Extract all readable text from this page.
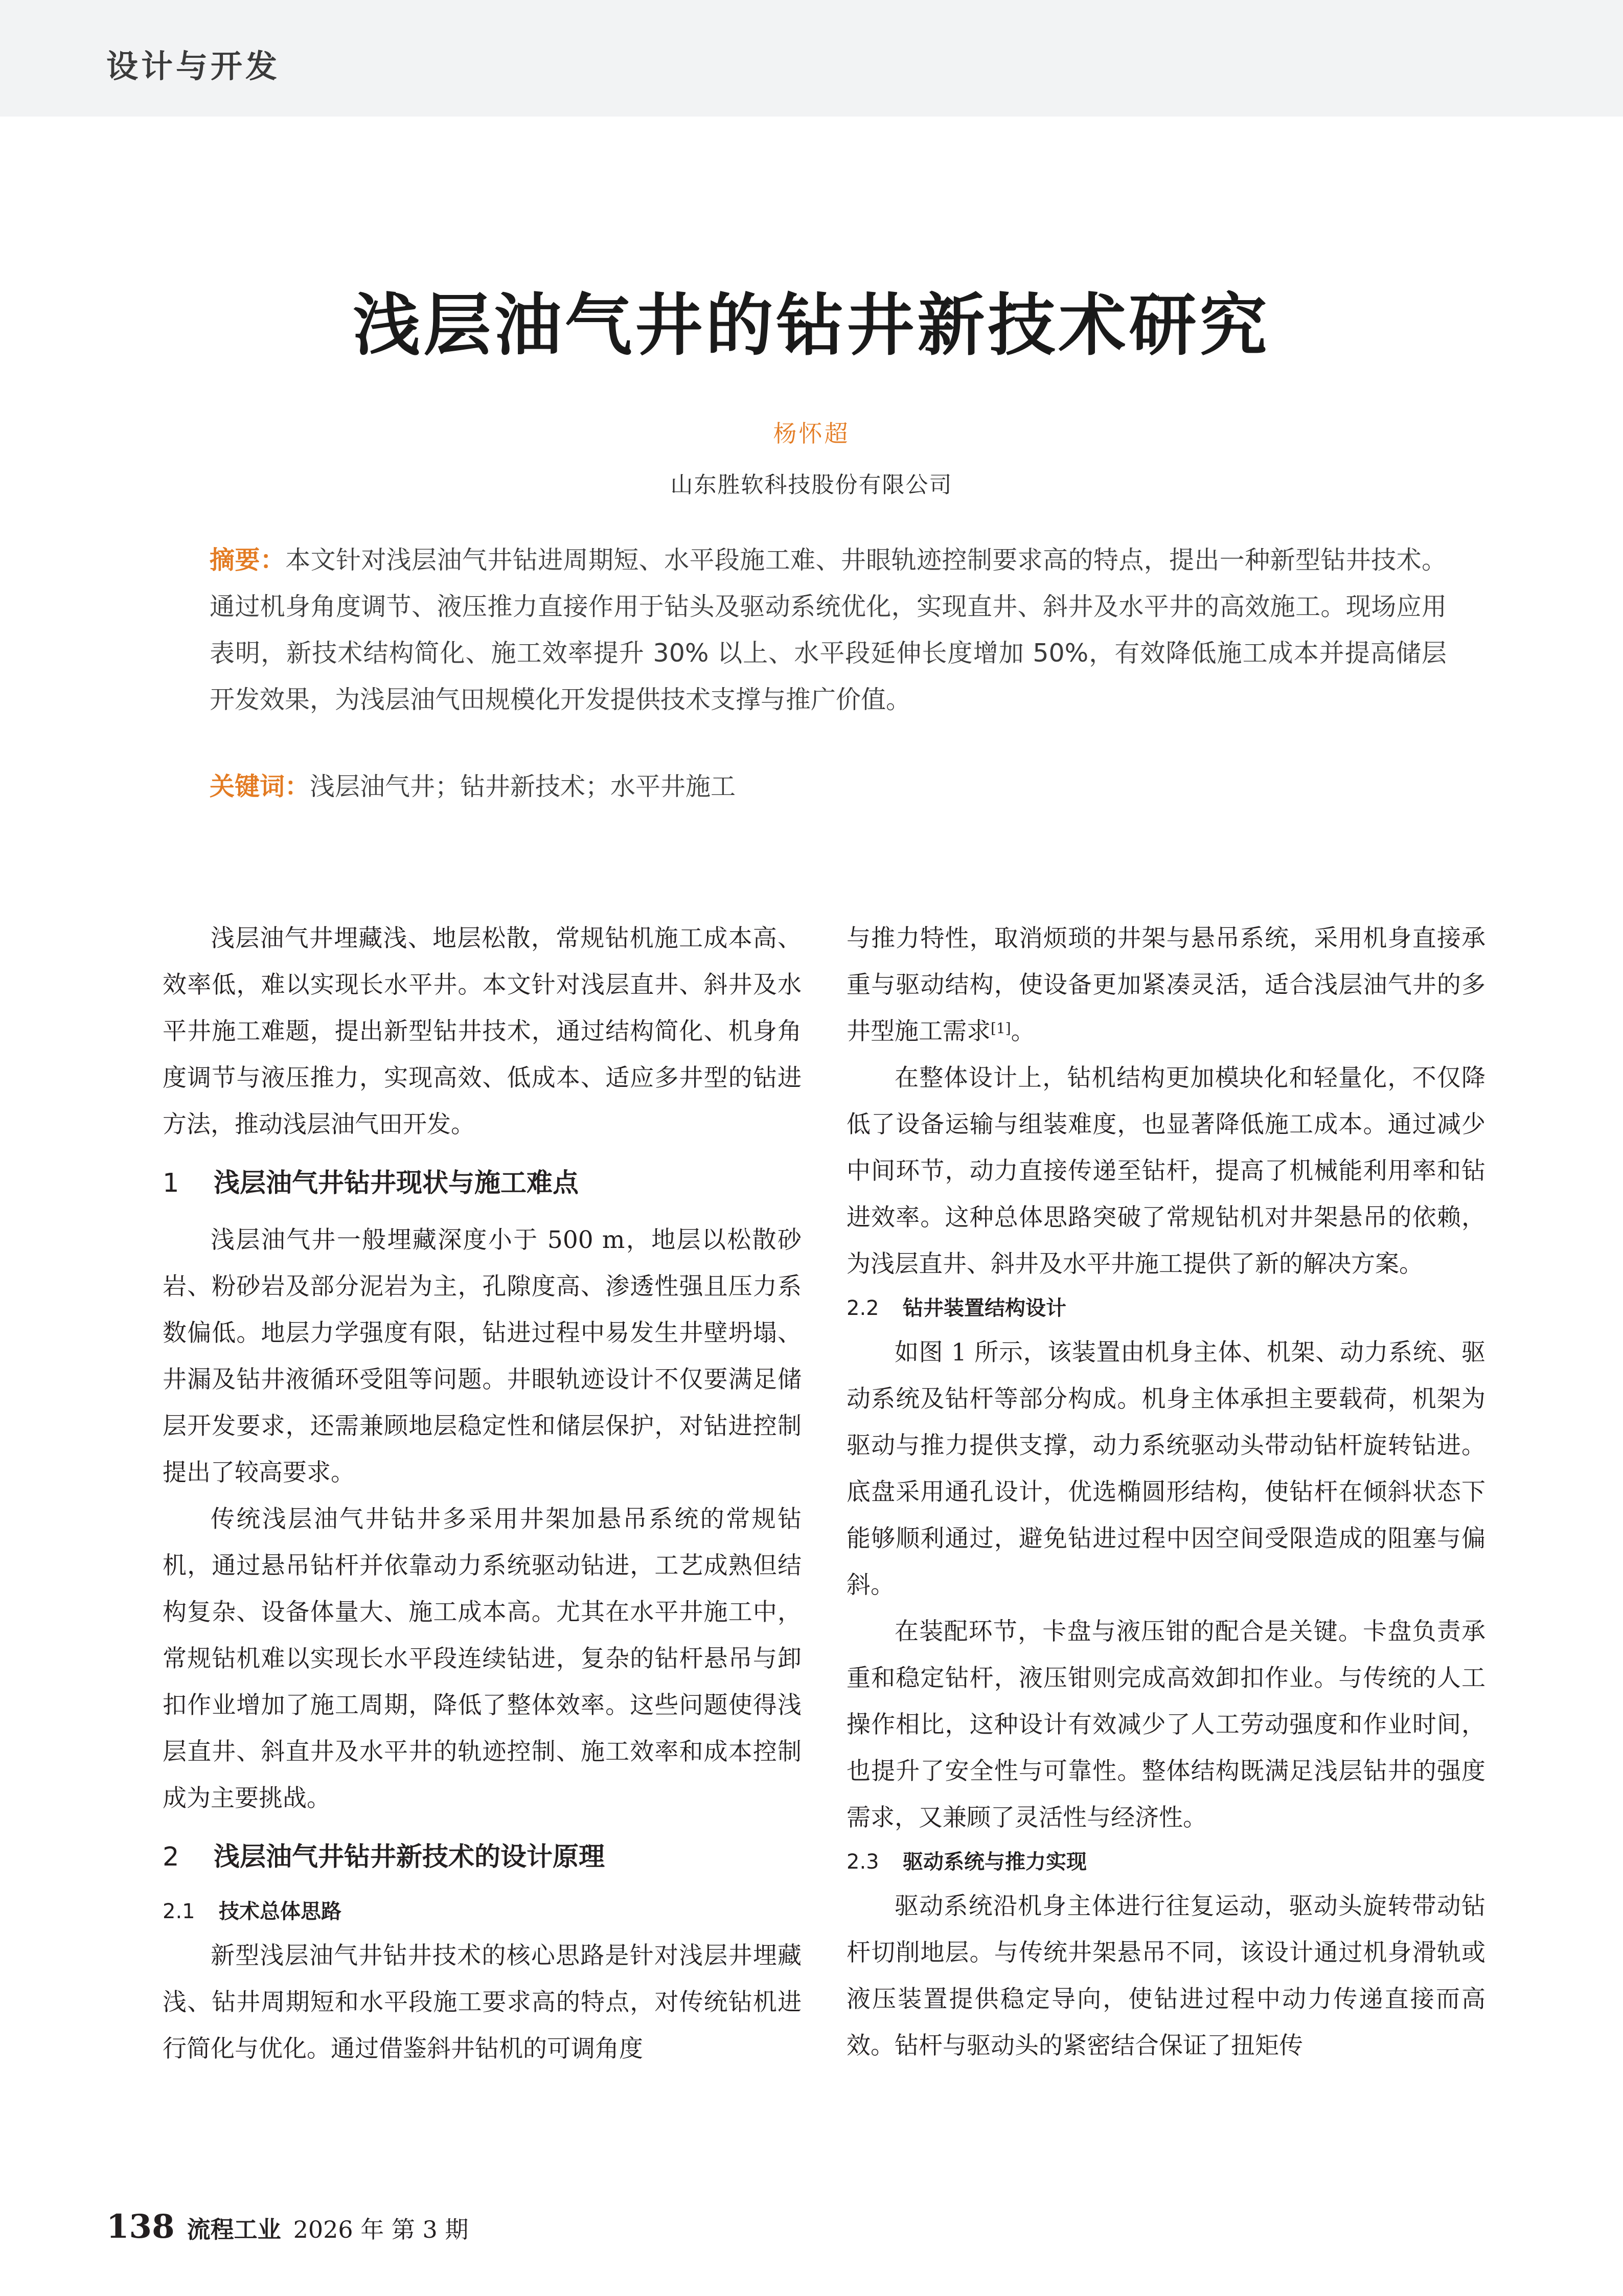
设计与开发
浅层油气井的钻井新技术研究
杨怀超
山东胜软科技股份有限公司
摘要：本文针对浅层油气井钻进周期短、水平段施工难、井眼轨迹控制要求高的特点，提出一种新型钻井技术。通过机身角度调节、液压推力直接作用于钻头及驱动系统优化，实现直井、斜井及水平井的高效施工。现场应用表明，新技术结构简化、施工效率提升 30% 以上、水平段延伸长度增加 50%，有效降低施工成本并提高储层开发效果，为浅层油气田规模化开发提供技术支撑与推广价值。
关键词：浅层油气井；钻井新技术；水平井施工

浅层油气井埋藏浅、地层松散，常规钻机施工成本高、效率低，难以实现长水平井。本文针对浅层直井、斜井及水平井施工难题，提出新型钻井技术，通过结构简化、机身角度调节与液压推力，实现高效、低成本、适应多井型的钻进方法，推动浅层油气田开发。

1 浅层油气井钻井现状与施工难点

浅层油气井一般埋藏深度小于 500 m，地层以松散砂岩、粉砂岩及部分泥岩为主，孔隙度高、渗透性强且压力系数偏低。地层力学强度有限，钻进过程中易发生井壁坍塌、井漏及钻井液循环受阻等问题。井眼轨迹设计不仅要满足储层开发要求，还需兼顾地层稳定性和储层保护，对钻进控制提出了较高要求。

传统浅层油气井钻井多采用井架加悬吊系统的常规钻机，通过悬吊钻杆并依靠动力系统驱动钻进，工艺成熟但结构复杂、设备体量大、施工成本高。尤其在水平井施工中，常规钻机难以实现长水平段连续钻进，复杂的钻杆悬吊与卸扣作业增加了施工周期，降低了整体效率。这些问题使得浅层直井、斜直井及水平井的轨迹控制、施工效率和成本控制成为主要挑战。

2 浅层油气井钻井新技术的设计原理
2.1 技术总体思路

新型浅层油气井钻井技术的核心思路是针对浅层井埋藏浅、钻井周期短和水平段施工要求高的特点，对传统钻机进行简化与优化。通过借鉴斜井钻机的可调角度

与推力特性，取消烦琐的井架与悬吊系统，采用机身直接承重与驱动结构，使设备更加紧凑灵活，适合浅层油气井的多井型施工需求[1]。

在整体设计上，钻机结构更加模块化和轻量化，不仅降低了设备运输与组装难度，也显著降低施工成本。通过减少中间环节，动力直接传递至钻杆，提高了机械能利用率和钻进效率。这种总体思路突破了常规钻机对井架悬吊的依赖，为浅层直井、斜井及水平井施工提供了新的解决方案。

2.2 钻井装置结构设计

如图 1 所示，该装置由机身主体、机架、动力系统、驱动系统及钻杆等部分构成。机身主体承担主要载荷，机架为驱动与推力提供支撑，动力系统驱动头带动钻杆旋转钻进。底盘采用通孔设计，优选椭圆形结构，使钻杆在倾斜状态下能够顺利通过，避免钻进过程中因空间受限造成的阻塞与偏斜。

在装配环节，卡盘与液压钳的配合是关键。卡盘负责承重和稳定钻杆，液压钳则完成高效卸扣作业。与传统的人工操作相比，这种设计有效减少了人工劳动强度和作业时间，也提升了安全性与可靠性。整体结构既满足浅层钻井的强度需求，又兼顾了灵活性与经济性。

2.3 驱动系统与推力实现

驱动系统沿机身主体进行往复运动，驱动头旋转带动钻杆切削地层。与传统井架悬吊不同，该设计通过机身滑轨或液压装置提供稳定导向，使钻进过程中动力传递直接而高效。钻杆与驱动头的紧密结合保证了扭矩传

138 流程工业 2026 年 第 3 期
